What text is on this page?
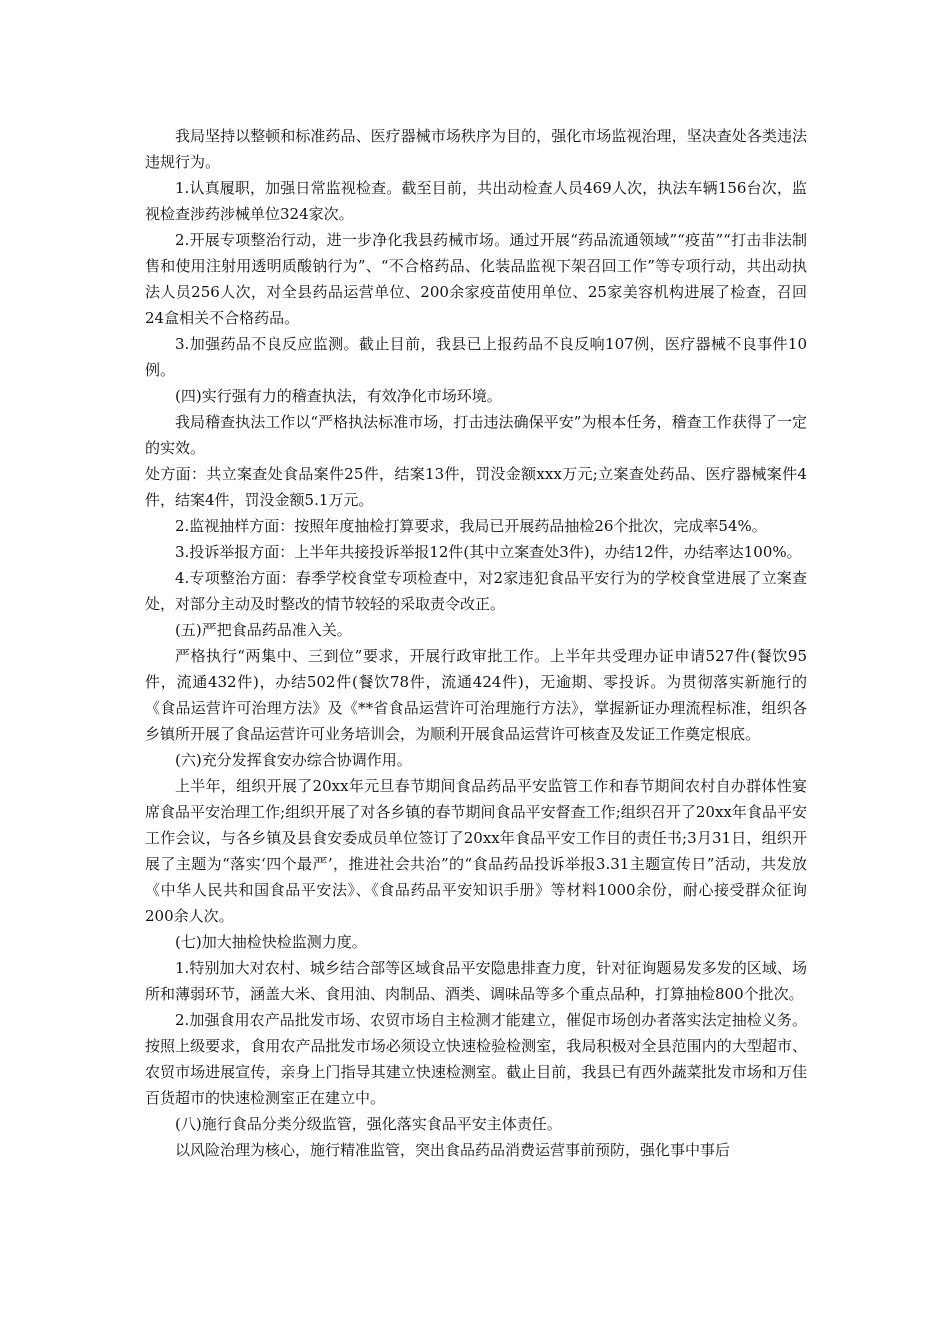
我局坚持以整顿和标准药品、医疗器械市场秩序为目的，强化市场监视治理，坚决查处各类违法违规行为。

1.认真履职，加强日常监视检查。截至目前，共出动检查人员469人次，执法车辆156台次，监视检查涉药涉械单位324家次。

2.开展专项整治行动，进一步净化我县药械市场。通过开展“药品流通领域”“疫苗”“打击非法制售和使用注射用透明质酸钠行为”、“不合格药品、化装品监视下架召回工作”等专项行动，共出动执法人员256人次，对全县药品运营单位、200余家疫苗使用单位、25家美容机构进展了检查，召回24盒相关不合格药品。

3.加强药品不良反应监测。截止目前，我县已上报药品不良反响107例，医疗器械不良事件10例。

(四)实行强有力的稽查执法，有效净化市场环境。

我局稽查执法工作以“严格执法标准市场，打击违法确保平安”为根本任务，稽查工作获得了一定的实效。

处方面：共立案查处食品案件25件，结案13件，罚没金额xxx万元;立案查处药品、医疗器械案件4件，结案4件，罚没金额5.1万元。

2.监视抽样方面：按照年度抽检打算要求，我局已开展药品抽检26个批次，完成率54%。

3.投诉举报方面：上半年共接投诉举报12件(其中立案查处3件)，办结12件，办结率达100%。

4.专项整治方面：春季学校食堂专项检查中，对2家违犯食品平安行为的学校食堂进展了立案查处，对部分主动及时整改的情节较轻的采取责令改正。

(五)严把食品药品准入关。

严格执行“两集中、三到位”要求，开展行政审批工作。上半年共受理办证申请527件(餐饮95件，流通432件)，办结502件(餐饮78件，流通424件)，无逾期、零投诉。为贯彻落实新施行的《食品运营许可治理方法》及《**省食品运营许可治理施行方法》，掌握新证办理流程标准，组织各乡镇所开展了食品运营许可业务培训会，为顺利开展食品运营许可核查及发证工作奠定根底。

(六)充分发挥食安办综合协调作用。

上半年，组织开展了20xx年元旦春节期间食品药品平安监管工作和春节期间农村自办群体性宴席食品平安治理工作;组织开展了对各乡镇的春节期间食品平安督查工作;组织召开了20xx年食品平安工作会议，与各乡镇及县食安委成员单位签订了20xx年食品平安工作目的责任书;3月31日，组织开展了主题为“落实‘四个最严’，推进社会共治”的“食品药品投诉举报3.31主题宣传日”活动，共发放《中华人民共和国食品平安法》、《食品药品平安知识手册》等材料1000余份，耐心接受群众征询200余人次。

(七)加大抽检快检监测力度。

1.特别加大对农村、城乡结合部等区域食品平安隐患排查力度，针对征询题易发多发的区域、场所和薄弱环节，涵盖大米、食用油、肉制品、酒类、调味品等多个重点品种，打算抽检800个批次。

2.加强食用农产品批发市场、农贸市场自主检测才能建立，催促市场创办者落实法定抽检义务。按照上级要求，食用农产品批发市场必须设立快速检验检测室，我局积极对全县范围内的大型超市、农贸市场进展宣传，亲身上门指导其建立快速检测室。截止目前，我县已有西外蔬菜批发市场和万佳百货超市的快速检测室正在建立中。

(八)施行食品分类分级监管，强化落实食品平安主体责任。

以风险治理为核心，施行精准监管，突出食品药品消费运营事前预防，强化事中事后
